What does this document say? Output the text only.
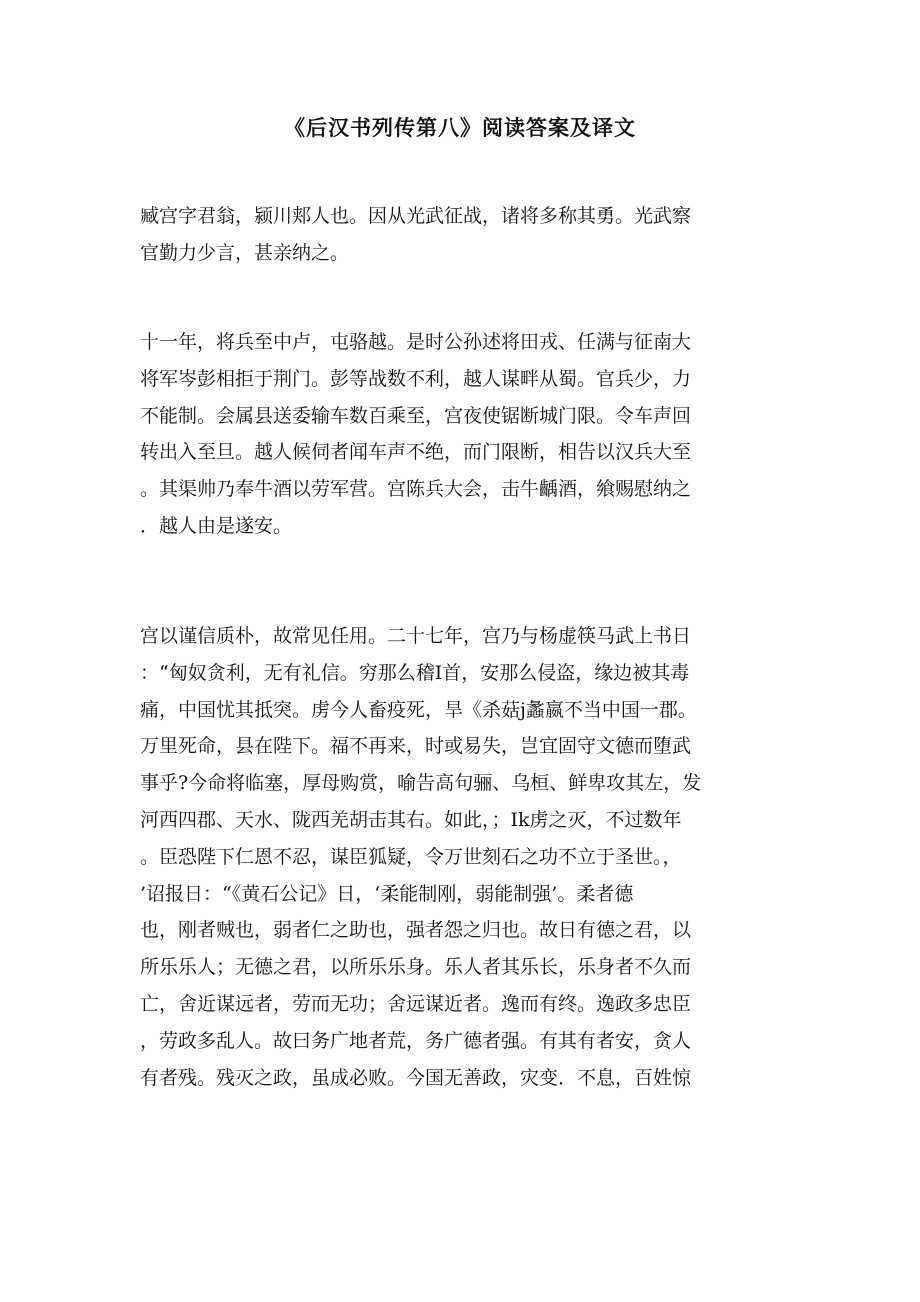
《后汉书列传第八》阅读答案及译文
臧宫字君翁，颍川郏人也。因从光武征战，诸将多称其勇。光武察
官勤力少言，甚亲纳之。
十一年，将兵至中卢，屯骆越。是时公孙述将田戎、任满与征南大
将军岑彭相拒于荆门。彭等战数不利，越人谋畔从蜀。官兵少，力
不能制。会属县送委输车数百乘至，宫夜使锯断城门限。令车声回
转出入至旦。越人候伺者闻车声不绝，而门限断，相告以汉兵大至
。其渠帅乃奉牛酒以劳军营。宫陈兵大会，击牛齲酒，飨赐慰纳之
．越人由是遂安。
宫以谨信质朴，故常见任用。二十七年，宫乃与杨虚筷马武上书日
：“匈奴贪利，无有礼信。穷那么稽I首，安那么侵盗，缘边被其毒
痛，中国忧其抵突。虏今人畜疫死，旱《杀菇j蠡嬴不当中国一郡。
万里死命，县在陛下。福不再来，时或易失，岂宜固守文德而堕武
事乎?今命将临塞，厚母购赏，喻告高句骊、乌桓、鲜卑攻其左，发
河西四郡、天水、陇西羌胡击其右。如此，；Ik虏之灭，不过数年
。臣恐陛下仁恩不忍，谋臣狐疑，令万世刻石之功不立于圣世。，
’诏报日：“《黄石公记》日，‘柔能制刚，弱能制强’。柔者德
也，刚者贼也，弱者仁之助也，强者怨之归也。故日有德之君，以
所乐乐人；无德之君，以所乐乐身。乐人者其乐长，乐身者不久而
亡，舍近谋远者，劳而无功；舍远谋近者。逸而有终。逸政多忠臣
，劳政多乱人。故曰务广地者荒，务广德者强。有其有者安，贪人
有者残。残灭之政，虽成必败。今国无善政，灾变．不息，百姓惊
